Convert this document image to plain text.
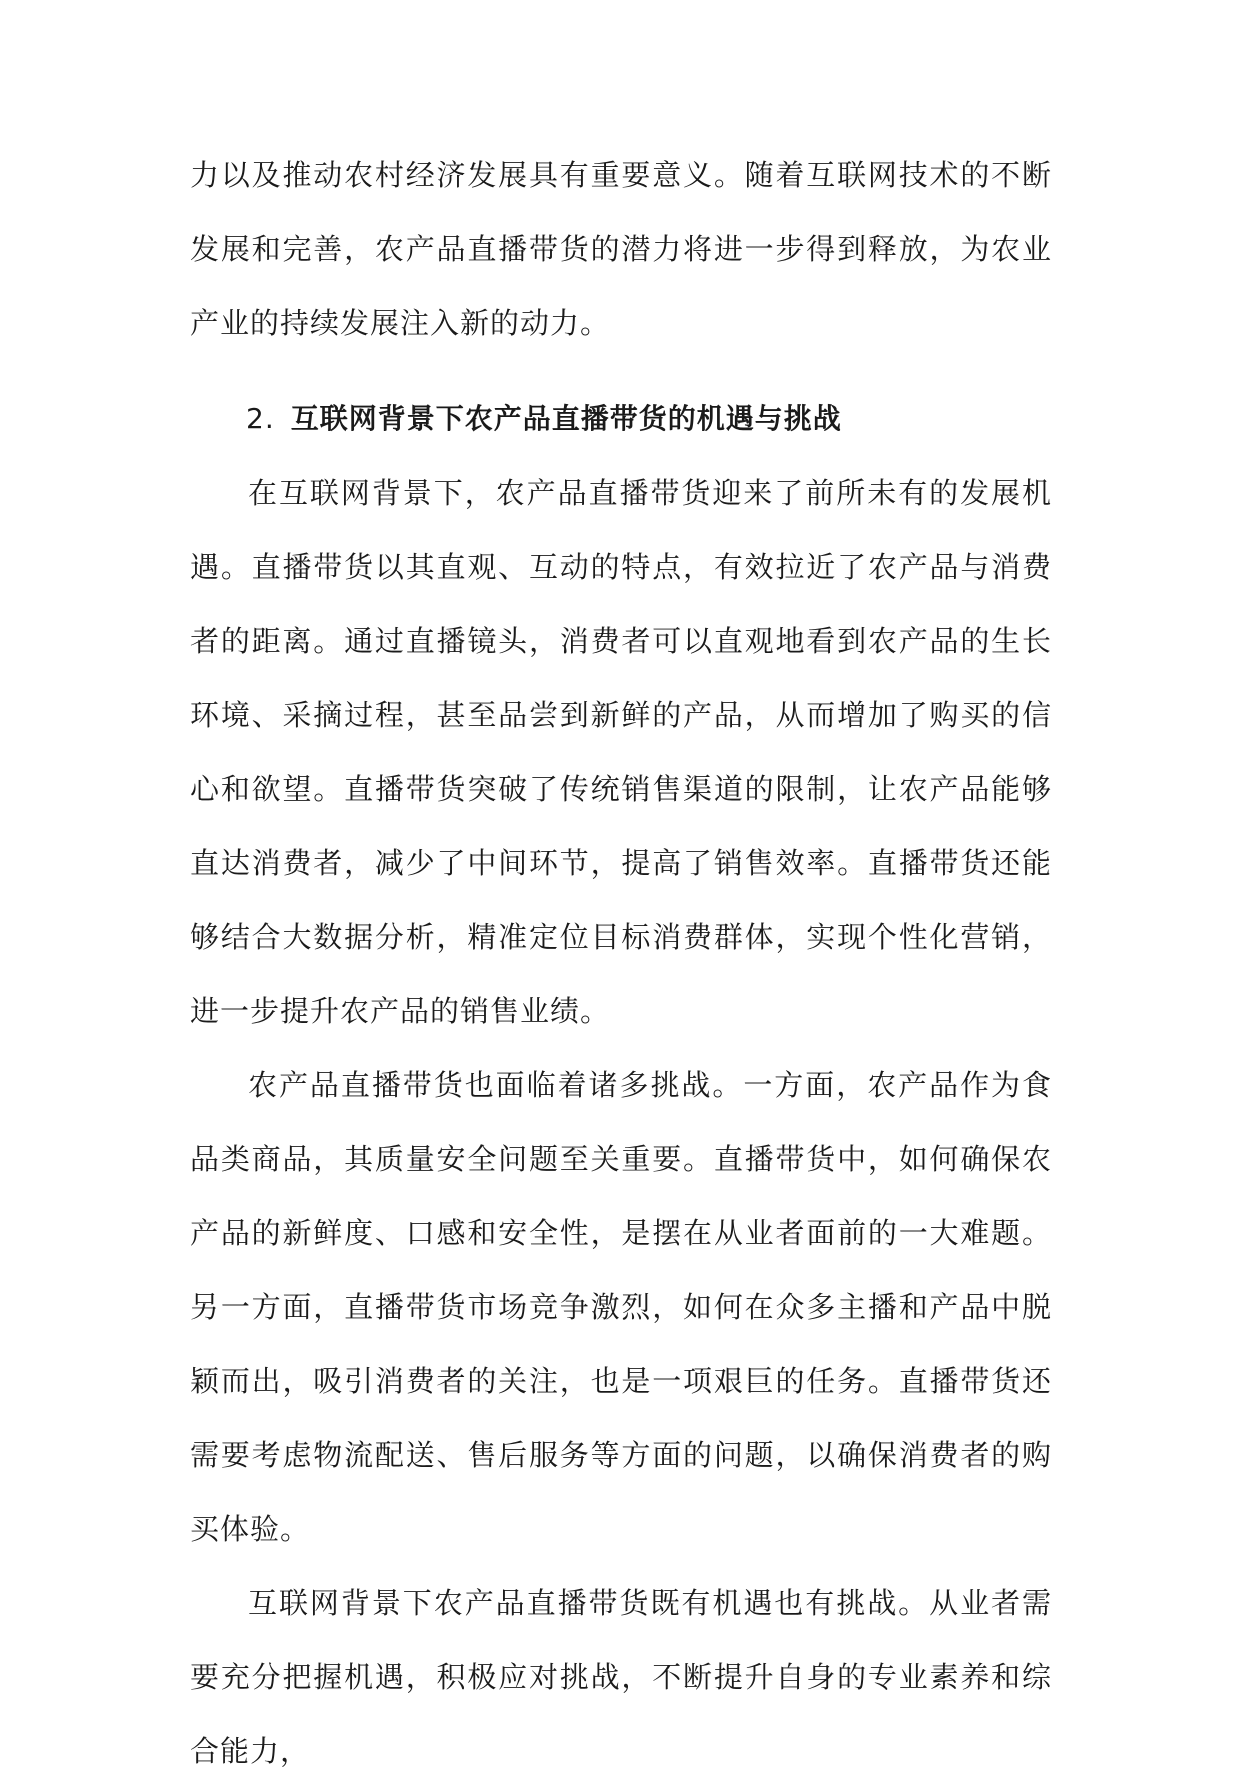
力以及推动农村经济发展具有重要意义。随着互联网技术的不断发展和完善，农产品直播带货的潜力将进一步得到释放，为农业产业的持续发展注入新的动力。

2. 互联网背景下农产品直播带货的机遇与挑战

在互联网背景下，农产品直播带货迎来了前所未有的发展机遇。直播带货以其直观、互动的特点，有效拉近了农产品与消费者的距离。通过直播镜头，消费者可以直观地看到农产品的生长环境、采摘过程，甚至品尝到新鲜的产品，从而增加了购买的信心和欲望。直播带货突破了传统销售渠道的限制，让农产品能够直达消费者，减少了中间环节，提高了销售效率。直播带货还能够结合大数据分析，精准定位目标消费群体，实现个性化营销，进一步提升农产品的销售业绩。

农产品直播带货也面临着诸多挑战。一方面，农产品作为食品类商品，其质量安全问题至关重要。直播带货中，如何确保农产品的新鲜度、口感和安全性，是摆在从业者面前的一大难题。另一方面，直播带货市场竞争激烈，如何在众多主播和产品中脱颖而出，吸引消费者的关注，也是一项艰巨的任务。直播带货还需要考虑物流配送、售后服务等方面的问题，以确保消费者的购买体验。

互联网背景下农产品直播带货既有机遇也有挑战。从业者需要充分把握机遇，积极应对挑战，不断提升自身的专业素养和综合能力，
